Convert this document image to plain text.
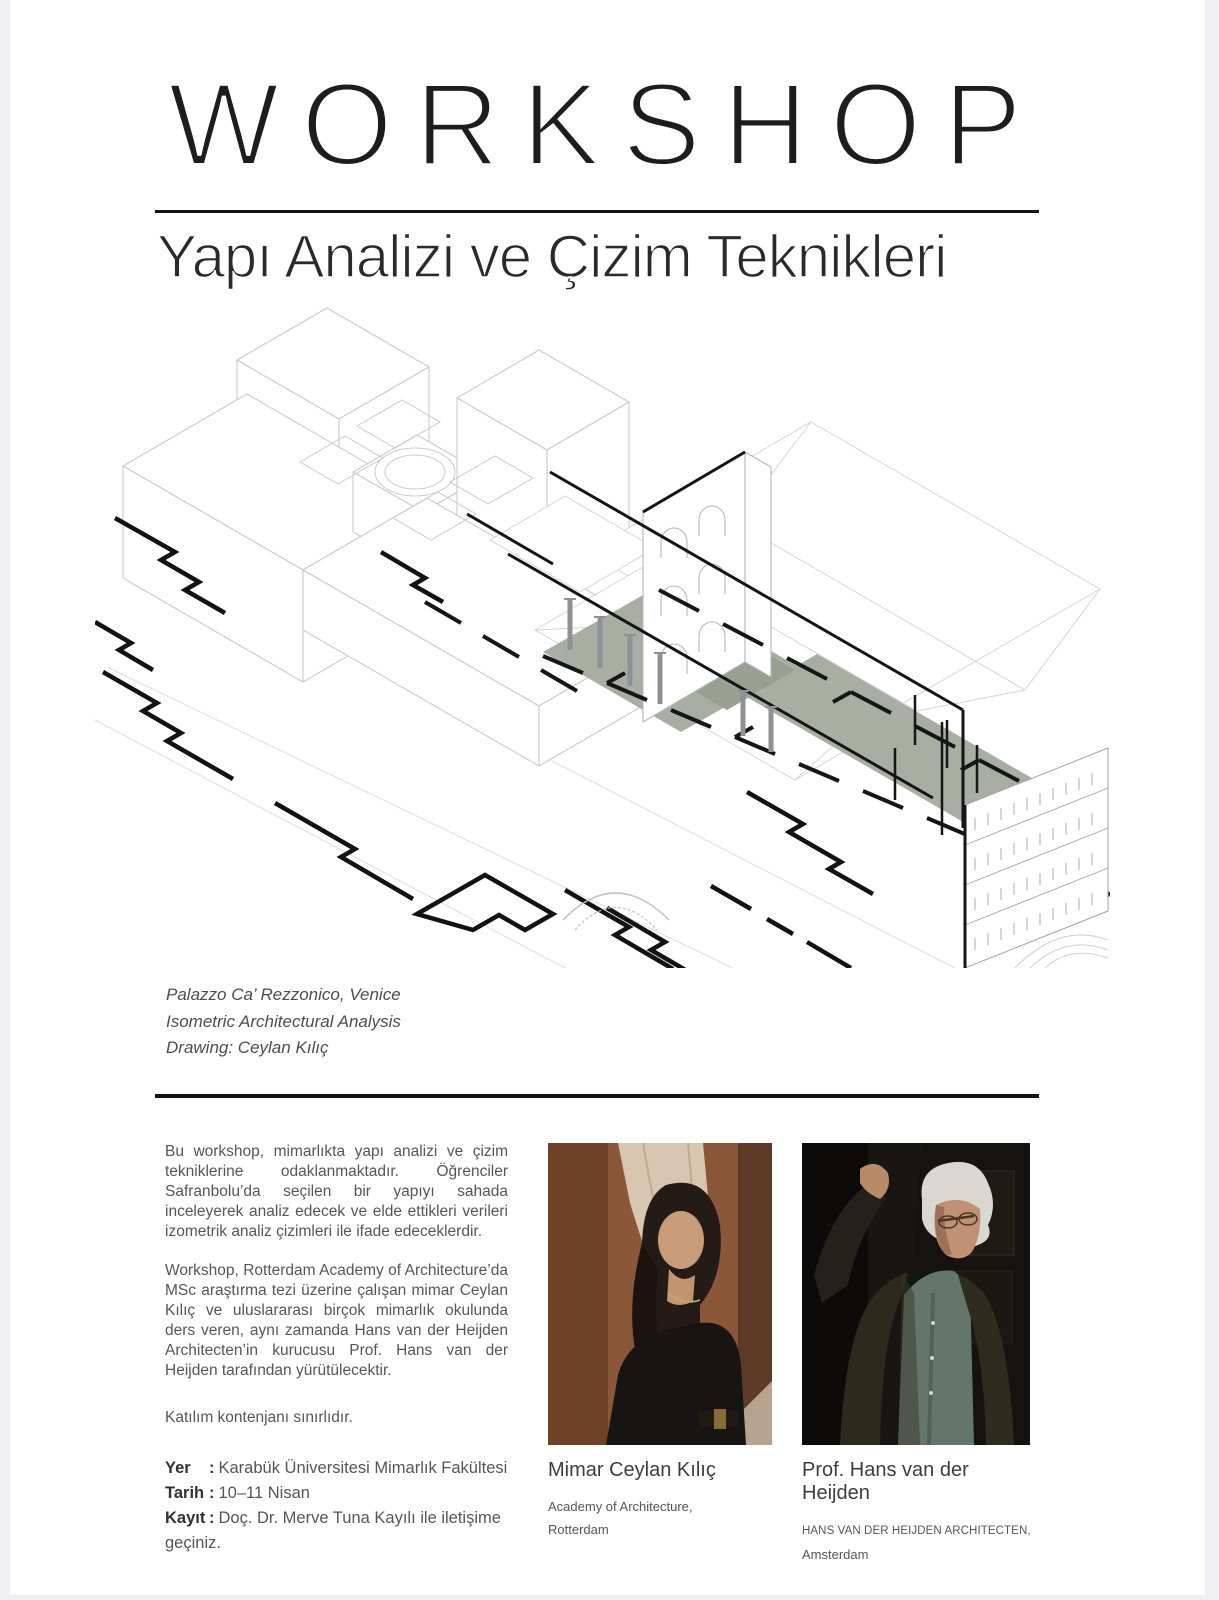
W O R K S H O P
Yapı Analizi ve Çizim Teknikleri

Palazzo Ca’ Rezzonico, Venice
Isometric Architectural Analysis
Drawing: Ceylan Kılıç

Bu workshop, mimarlıkta yapı analizi ve çizim tekniklerine odaklanmaktadır. Öğrenciler Safranbolu’da seçilen bir yapıyı sahada inceleyerek analiz edecek ve elde ettikleri verileri izometrik analiz çizimleri ile ifade edeceklerdir.

Workshop, Rotterdam Academy of Architecture’da MSc araştırma tezi üzerine çalışan mimar Ceylan Kılıç ve uluslararası birçok mimarlık okulunda ders veren, aynı zamanda Hans van der Heijden Architecten’in kurucusu Prof. Hans van der Heijden tarafından yürütülecektir.

Katılım kontenjanı sınırlıdır.

Yer : Karabük Üniversitesi Mimarlık Fakültesi

Tarih : 10–11 Nisan

Kayıt : Doç. Dr. Merve Tuna Kayılı ile iletişime geçiniz.

Mimar Ceylan Kılıç

Academy of Architecture,
Rotterdam

Prof. Hans van der Heijden

HANS VAN DER HEIJDEN ARCHITECTEN,
Amsterdam
